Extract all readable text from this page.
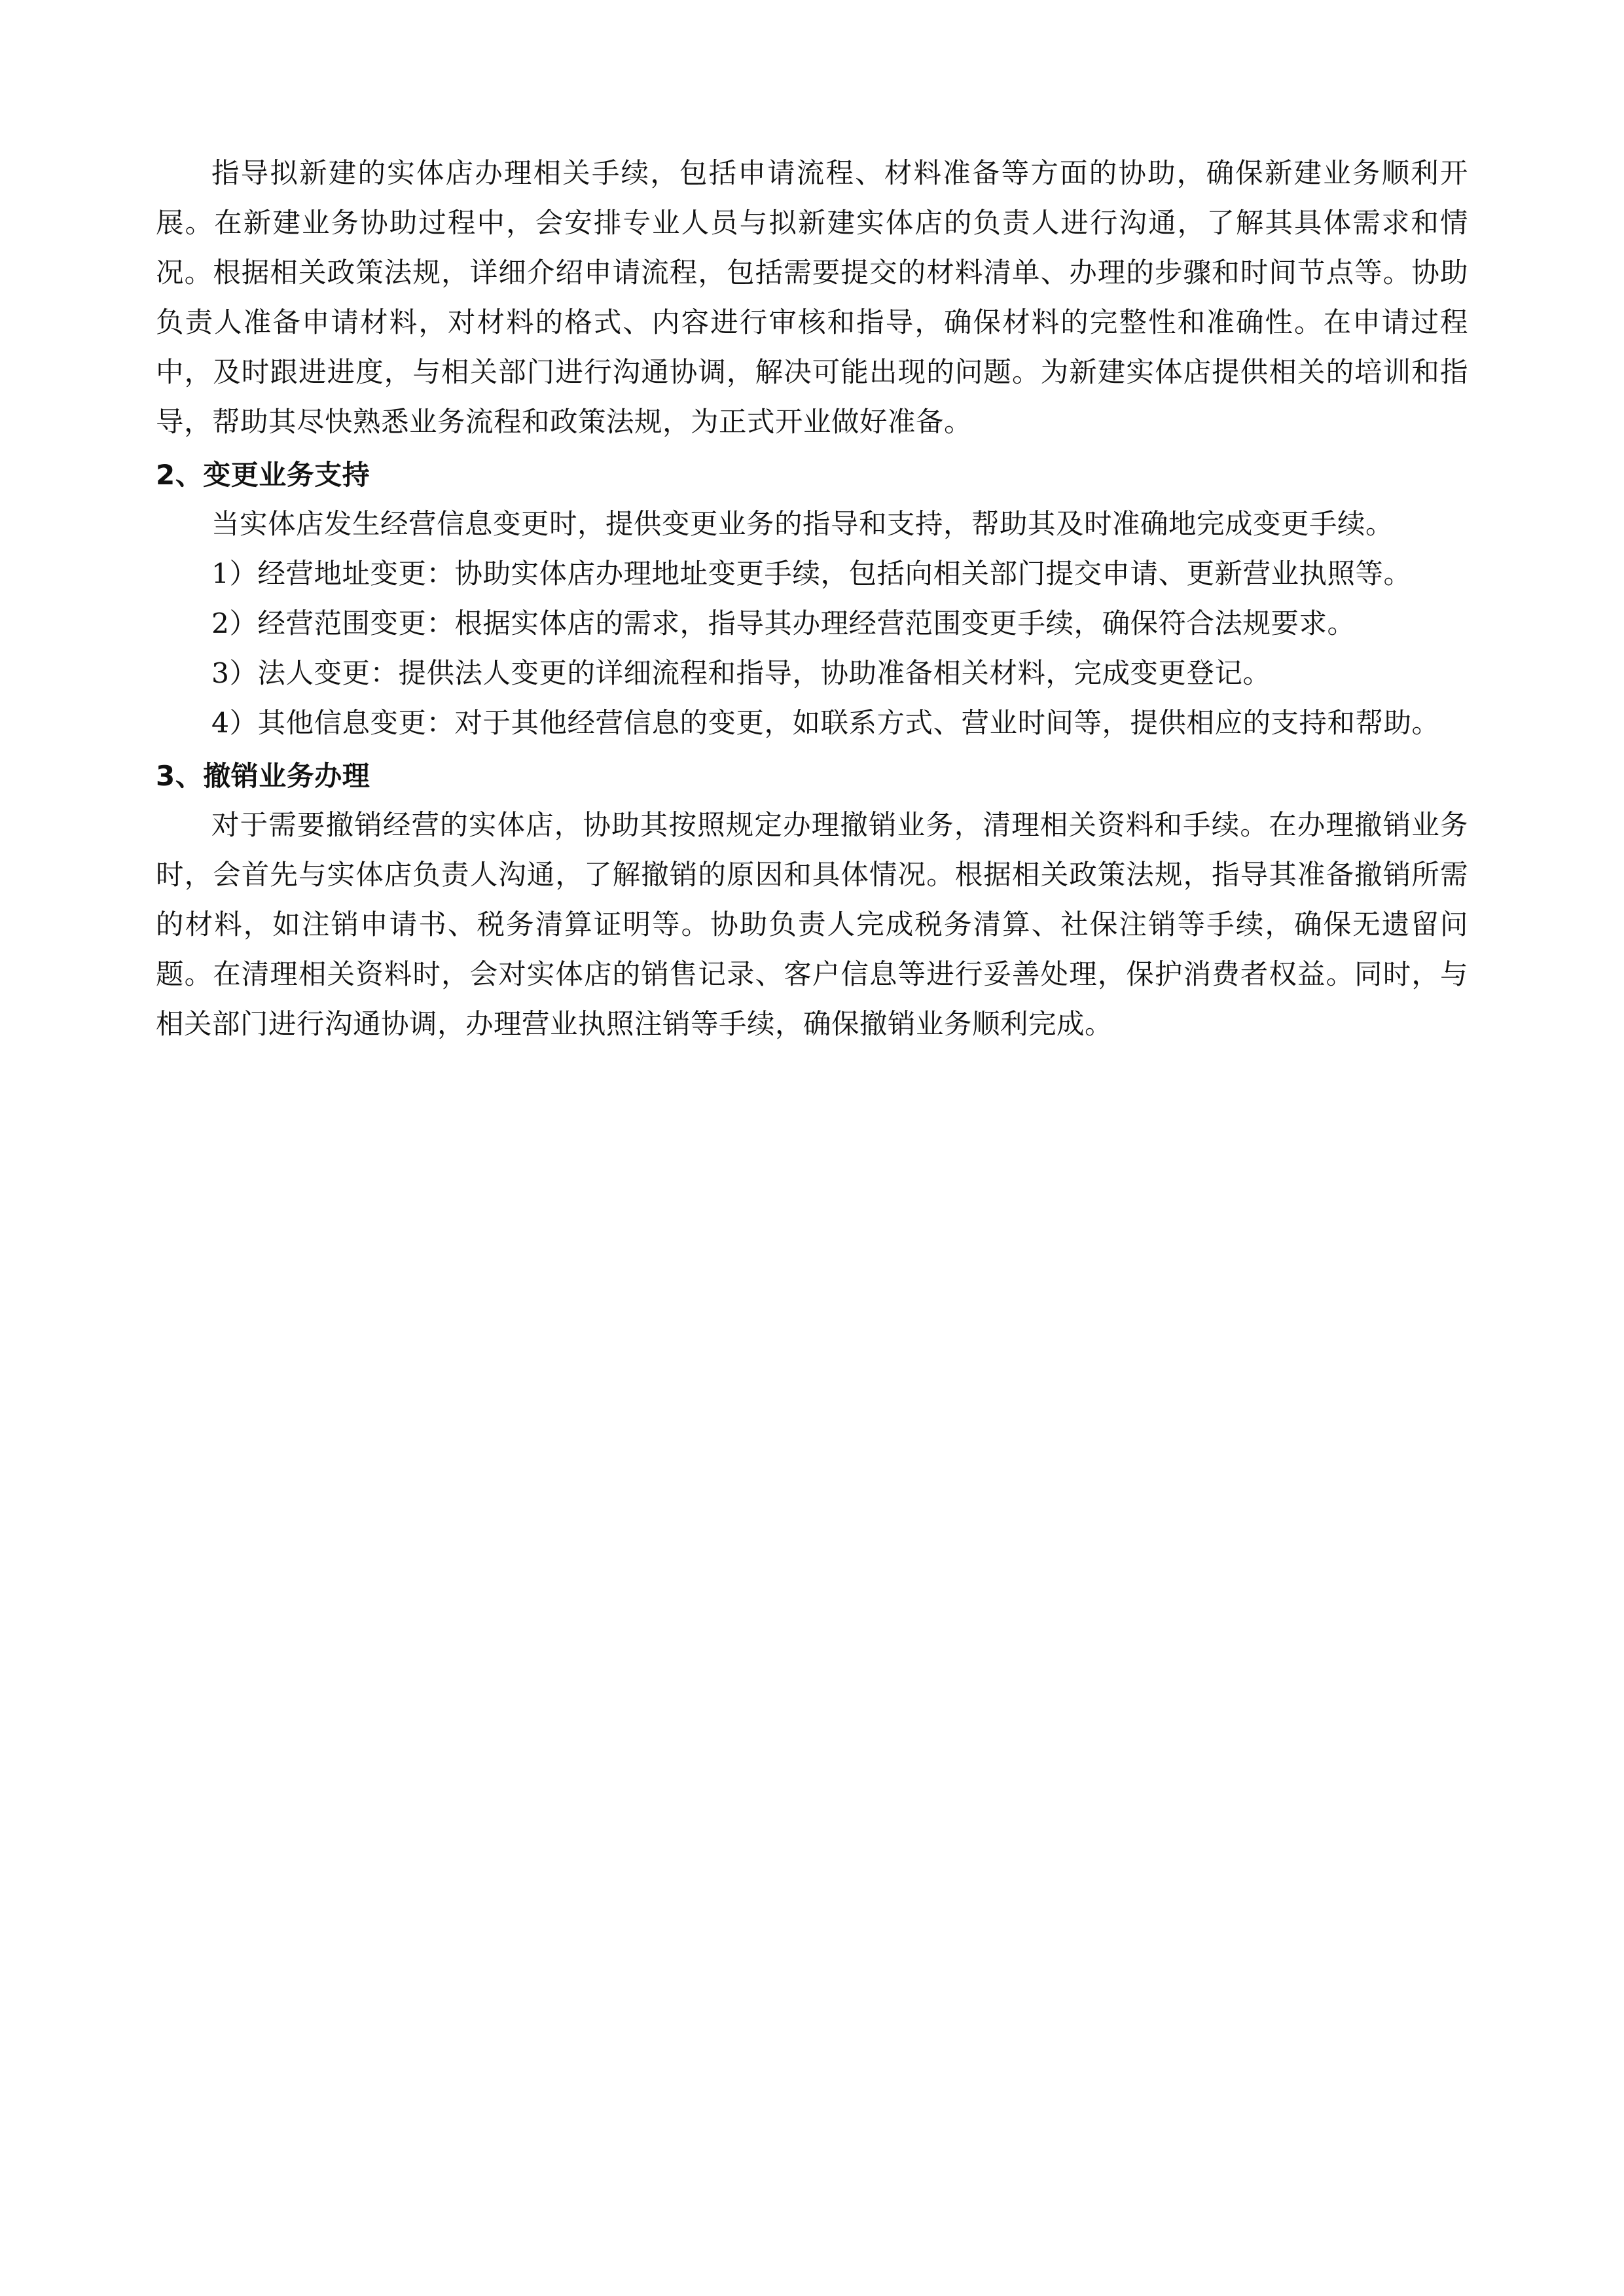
指导拟新建的实体店办理相关手续，包括申请流程、材料准备等方面的协助，确保新建业务顺利开展。在新建业务协助过程中，会安排专业人员与拟新建实体店的负责人进行沟通，了解其具体需求和情况。根据相关政策法规，详细介绍申请流程，包括需要提交的材料清单、办理的步骤和时间节点等。协助负责人准备申请材料，对材料的格式、内容进行审核和指导，确保材料的完整性和准确性。在申请过程中，及时跟进进度，与相关部门进行沟通协调，解决可能出现的问题。为新建实体店提供相关的培训和指导，帮助其尽快熟悉业务流程和政策法规，为正式开业做好准备。

2、变更业务支持

当实体店发生经营信息变更时，提供变更业务的指导和支持，帮助其及时准确地完成变更手续。

1）经营地址变更：协助实体店办理地址变更手续，包括向相关部门提交申请、更新营业执照等。

2）经营范围变更：根据实体店的需求，指导其办理经营范围变更手续，确保符合法规要求。

3）法人变更：提供法人变更的详细流程和指导，协助准备相关材料，完成变更登记。

4）其他信息变更：对于其他经营信息的变更，如联系方式、营业时间等，提供相应的支持和帮助。

3、撤销业务办理

对于需要撤销经营的实体店，协助其按照规定办理撤销业务，清理相关资料和手续。在办理撤销业务时，会首先与实体店负责人沟通，了解撤销的原因和具体情况。根据相关政策法规，指导其准备撤销所需的材料，如注销申请书、税务清算证明等。协助负责人完成税务清算、社保注销等手续，确保无遗留问题。在清理相关资料时，会对实体店的销售记录、客户信息等进行妥善处理，保护消费者权益。同时，与相关部门进行沟通协调，办理营业执照注销等手续，确保撤销业务顺利完成。
